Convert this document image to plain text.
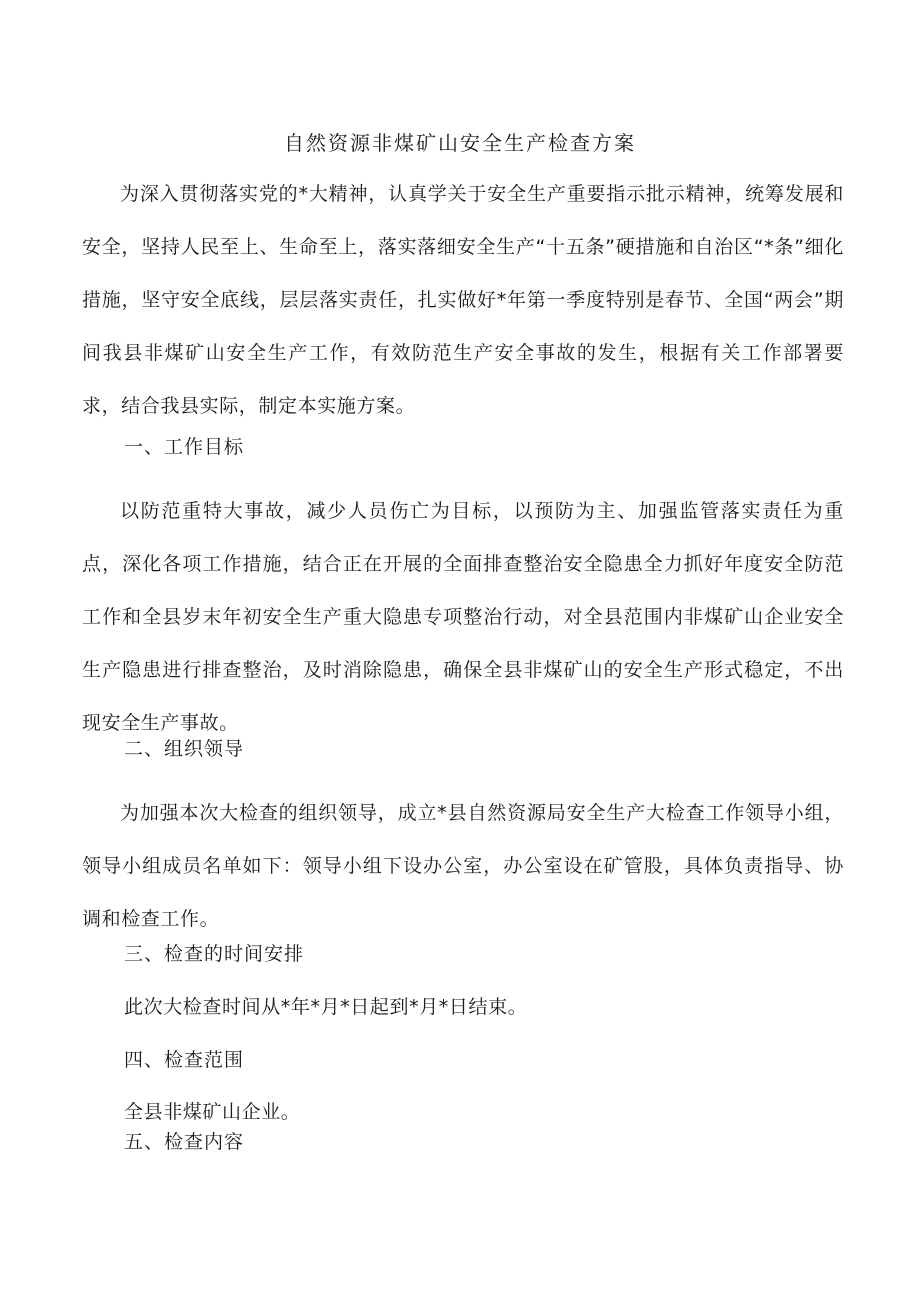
自然资源非煤矿山安全生产检查方案

为深入贯彻落实党的*大精神，认真学关于安全生产重要指示批示精神，统筹发展和安全，坚持人民至上、生命至上，落实落细安全生产“十五条”硬措施和自治区“*条”细化措施，坚守安全底线，层层落实责任，扎实做好*年第一季度特别是春节、全国“两会”期间我县非煤矿山安全生产工作，有效防范生产安全事故的发生，根据有关工作部署要求，结合我县实际，制定本实施方案。

一、工作目标

以防范重特大事故，减少人员伤亡为目标，以预防为主、加强监管落实责任为重点，深化各项工作措施，结合正在开展的全面排查整治安全隐患全力抓好年度安全防范工作和全县岁末年初安全生产重大隐患专项整治行动，对全县范围内非煤矿山企业安全生产隐患进行排查整治，及时消除隐患，确保全县非煤矿山的安全生产形式稳定，不出现安全生产事故。

二、组织领导

为加强本次大检查的组织领导，成立*县自然资源局安全生产大检查工作领导小组，领导小组成员名单如下：领导小组下设办公室，办公室设在矿管股，具体负责指导、协调和检查工作。

三、检查的时间安排

此次大检查时间从*年*月*日起到*月*日结束。

四、检查范围

全县非煤矿山企业。

五、检查内容
